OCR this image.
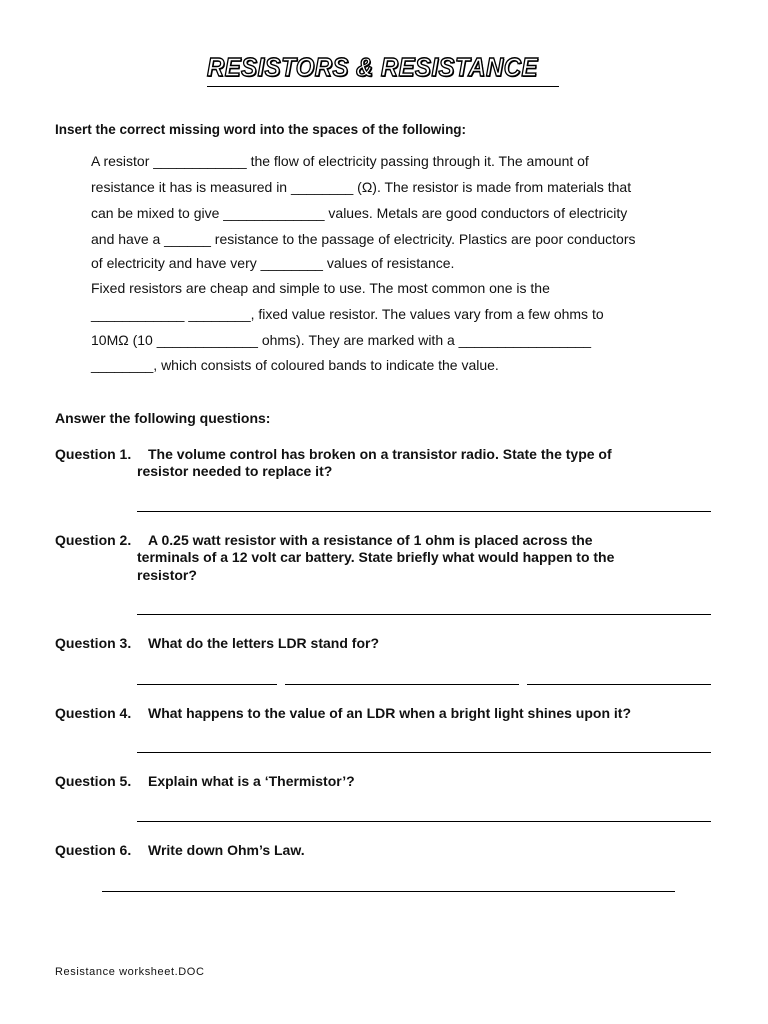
RESISTORS & RESISTANCE
Insert the correct missing word into the spaces of the following:
A resistor ____________ the flow of electricity passing through it. The amount of
resistance it has is measured in ________ (Ω). The resistor is made from materials that
can be mixed to give _____________ values. Metals are good conductors of electricity
and have a ______ resistance to the passage of electricity. Plastics are poor conductors
of electricity and have very ________ values of resistance.
Fixed resistors are cheap and simple to use. The most common one is the
____________ ________, fixed value resistor. The values vary from a few ohms to
10MΩ (10 _____________ ohms). They are marked with a _________________
________, which consists of coloured bands to indicate the value.
Answer the following questions:
Question 1. The volume control has broken on a transistor radio. State the type of
resistor needed to replace it?
Question 2. A 0.25 watt resistor with a resistance of 1 ohm is placed across the
terminals of a 12 volt car battery. State briefly what would happen to the
resistor?
Question 3. What do the letters LDR stand for?
Question 4. What happens to the value of an LDR when a bright light shines upon it?
Question 5. Explain what is a ‘Thermistor’?
Question 6. Write down Ohm’s Law.
Resistance worksheet.DOC
